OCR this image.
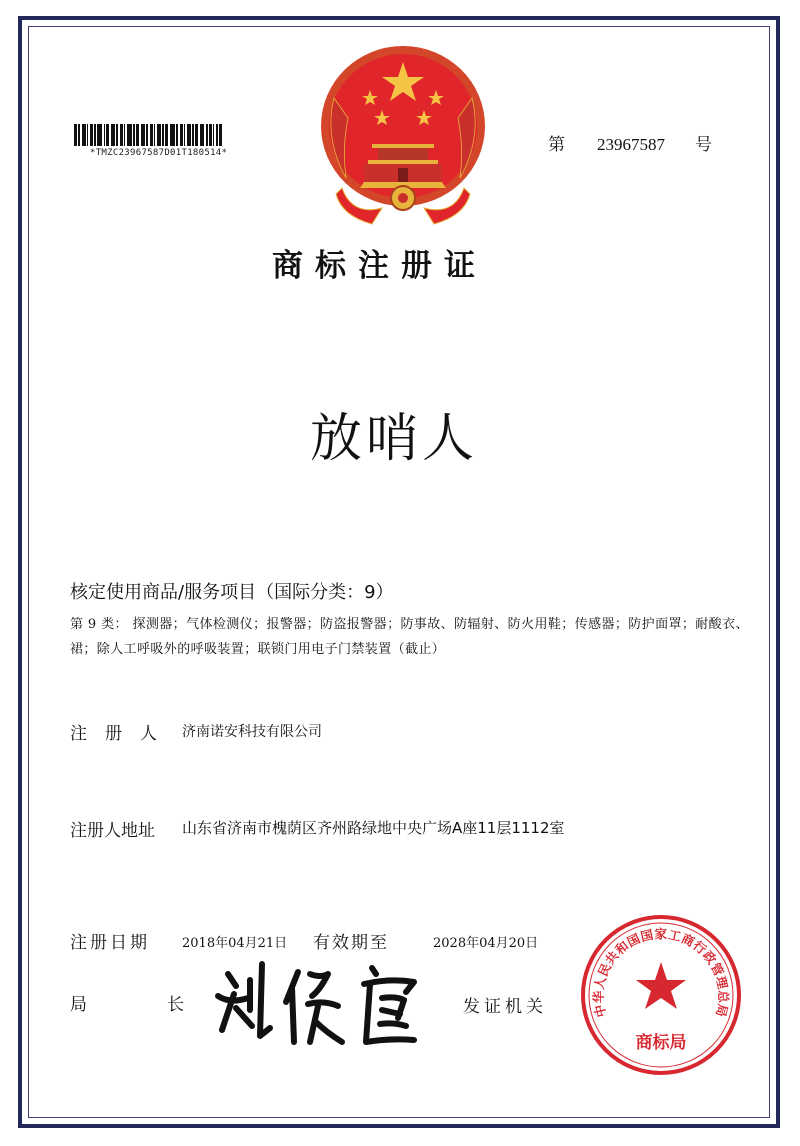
*TMZC23967587D01T180514*	第 23967587 号
商标注册证
放哨人
核定使用商品/服务项目（国际分类：9）
第 9 类： 探测器；气体检测仪；报警器；防盗报警器；防事故、防辐射、防火用鞋；传感器；防护面罩；耐酸衣、裙；除人工呼吸外的呼吸装置；联锁门用电子门禁装置（截止）
注册人 济南诺安科技有限公司
注册人地址 山东省济南市槐荫区齐州路绿地中央广场A座11层1112室
注册日期 2018年04月21日 有效期至	2028年04月20日
局	长	发证机关	中华人民共和国国家工商行政管理总局
商标局
